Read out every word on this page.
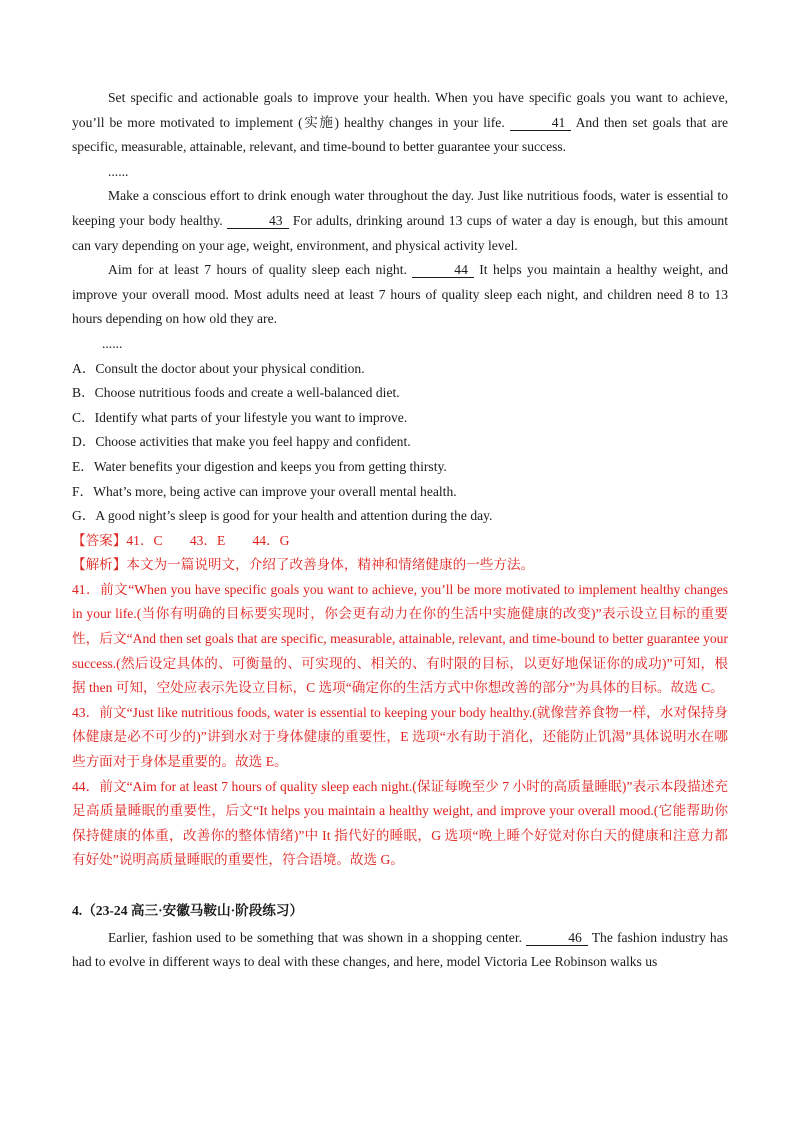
Set specific and actionable goals to improve your health. When you have specific goals you want to achieve, you’ll be more motivated to implement (实施) healthy changes in your life.	41 And then set goals that are specific, measurable, attainable, relevant, and time-bound to better guarantee your success.

......

Make a conscious effort to drink enough water throughout the day. Just like nutritious foods, water is essential to keeping your body healthy.	43 For adults, drinking around 13 cups of water a day is enough, but this amount can vary depending on your age, weight, environment, and physical activity level.

Aim for at least 7 hours of quality sleep each night.	44 It helps you maintain a healthy weight, and improve your overall mood. Most adults need at least 7 hours of quality sleep each night, and children need 8 to 13 hours depending on how old they are.

......

A．Consult the doctor about your physical condition.

B．Choose nutritious foods and create a well-balanced diet.

C．Identify what parts of your lifestyle you want to improve.

D．Choose activities that make you feel happy and confident.

E．Water benefits your digestion and keeps you from getting thirsty.

F．What’s more, being active can improve your overall mental health.

G．A good night’s sleep is good for your health and attention during the day.

【答案】41．C　　43．E　　44．G

【解析】本文为一篇说明文，介绍了改善身体，精神和情绪健康的一些方法。

41．前文“When you have specific goals you want to achieve, you’ll be more motivated to implement healthy changes in your life.(当你有明确的目标要实现时，你会更有动力在你的生活中实施健康的改变)”表示设立目标的重要性，后文“And then set goals that are specific, measurable, attainable, relevant, and time-bound to better guarantee your success.(然后设定具体的、可衡量的、可实现的、相关的、有时限的目标，以更好地保证你的成功)”可知，根据 then 可知，空处应表示先设立目标，C 选项“确定你的生活方式中你想改善的部分”为具体的目标。故选 C。

43．前文“Just like nutritious foods, water is essential to keeping your body healthy.(就像营养食物一样，水对保持身体健康是必不可少的)”讲到水对于身体健康的重要性，E 选项“水有助于消化，还能防止饥渴”具体说明水在哪些方面对于身体是重要的。故选 E。

44．前文“Aim for at least 7 hours of quality sleep each night.(保证每晚至少 7 小时的高质量睡眠)”表示本段描述充足高质量睡眠的重要性，后文“It helps you maintain a healthy weight, and improve your overall mood.(它能帮助你保持健康的体重，改善你的整体情绪)”中 It 指代好的睡眠，G 选项“晚上睡个好觉对你白天的健康和注意力都有好处”说明高质量睡眠的重要性，符合语境。故选 G。

4.（23-24 高三·安徽马鞍山·阶段练习）

Earlier, fashion used to be something that was shown in a shopping center.	46 The fashion industry has had to evolve in different ways to deal with these changes, and here, model Victoria Lee Robinson walks us
